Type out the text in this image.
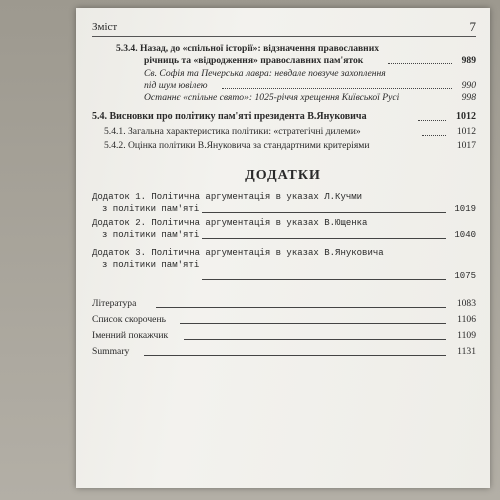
Зміст	7
5.3.4. Назад, до «спільної історії»: відзначення православних
річниць та «відродження» православних пам'яток	989
Св. Софія та Печерська лавра: невдале повзуче захоплення
під шум ювілею	990
Останнє «спільне свято»: 1025-річчя хрещення Київської Русі	998
5.4. Висновки про політику пам'яті президента В.Януковича	1012
5.4.1. Загальна характеристика політики: «стратегічні дилеми»	1012
5.4.2. Оцінка політики В.Януковича за стандартними критеріями	1017
ДОДАТКИ
Додаток 1. Політична аргументація в указах Л.Кучми
з політики пам'яті	1019
Додаток 2. Політична аргументація в указах В.Ющенка
з політики пам'яті	1040
Додаток 3. Політична аргументація в указах В.Януковича
з політики пам'яті
1075
Література	1083
Список скорочень	1106
Іменний покажчик	1109
Summary	1131
